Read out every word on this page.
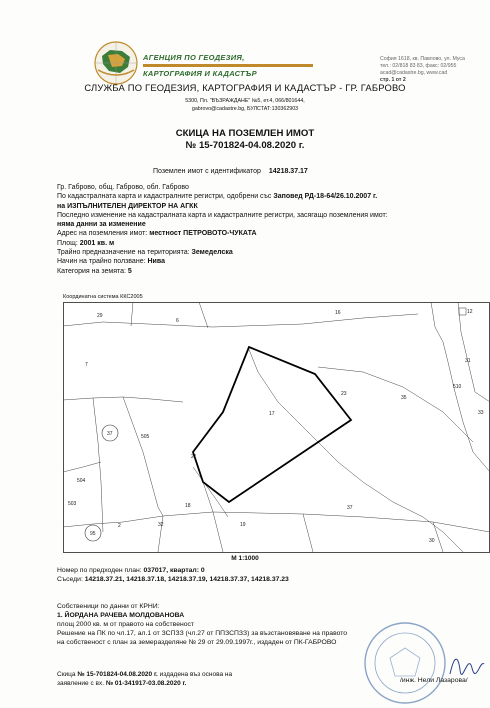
АГЕНЦИЯ ПО ГЕОДЕЗИЯ,
КАРТОГРАФИЯ И КАДАСТЪР
София 1618, кв. Павлово, ул. Муса
тел.: 02/818 83 83, факс: 02/955
acad@cadastre.bg, www.cad
стр. 1 от 2
СЛУЖБА ПО ГЕОДЕЗИЯ, КАРТОГРАФИЯ И КАДАСТЪР - ГР. ГАБРОВО
5300, Пл. "ВЪЗРАЖДАНЕ" №5, ет.4, 066/801644,
gabrovo@cadastre.bg, БУЛСТАТ:130362903
СКИЦА НА ПОЗЕМЛЕН ИМОТ
№ 15-701824-04.08.2020 г.
Поземлен имот с идентификатор 14218.37.17
Гр. Габрово, общ. Габрово, обл. Габрово
По кадастралната карта и кадастралните регистри, одобрени със Заповед РД-18-64/26.10.2007 г.
на ИЗПЪЛНИТЕЛЕН ДИРЕКТОР НА АГКК
Последно изменение на кадастралната карта и кадастралните регистри, засягащо поземления имот:
няма данни за изменение
Адрес на поземления имот: местност ПЕТРОВОТО-ЧУКАТА
Площ: 2001 кв. м
Трайно предназначение на територията: Земеделска
Начин на трайно ползване: Нива
Категория на земята: 5
Координатна система ККС2005
29
6
16	12
7
31
510
23
35
17	33
37	505
21
504
18	37
503
95
2	32	19
30
М 1:1000
Номер по предходен план: 037017, квартал: 0
Съседи: 14218.37.21, 14218.37.18, 14218.37.19, 14218.37.37, 14218.37.23
Собственици по данни от КРНИ:
1. ЙОРДАНА РАЧЕВА МОЛДОВАНОВА
площ 2000 кв. м от правото на собственост
Решение на ПК по чл.17, ал.1 от ЗСПЗЗ (чл.27 от ППЗСПЗЗ) за възстановяване на правото
на собственост с план за земеразделяне № 29 от 29.09.1997г., издаден от ПК-ГАБРОВО
Скица № 15-701824-04.08.2020 г. издадена въз основа на
заявление с вх. № 01-341917-03.08.2020 г.	/инж. Нели Лазарова/
